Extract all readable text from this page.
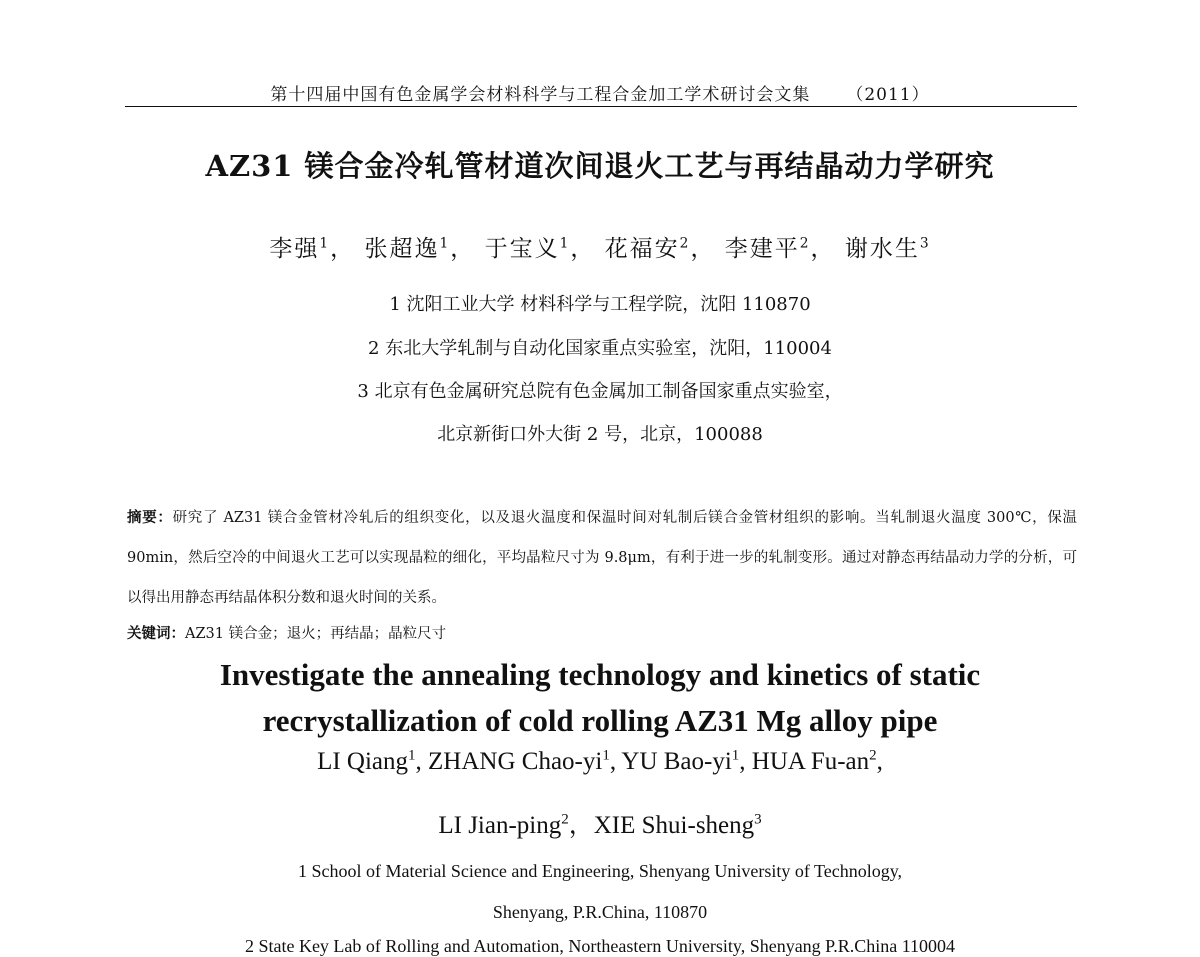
第十四届中国有色金属学会材料科学与工程合金加工学术研讨会文集 （2011）
AZ31 镁合金冷轧管材道次间退火工艺与再结晶动力学研究
李强$^1$， 张超逸$^1$， 于宝义$^1$， 花福安$^2$， 李建平$^2$， 谢水生$^3$
1 沈阳工业大学 材料科学与工程学院，沈阳 110870
2 东北大学轧制与自动化国家重点实验室，沈阳，110004
3 北京有色金属研究总院有色金属加工制备国家重点实验室，
北京新街口外大街 2 号，北京，100088
摘要：研究了 AZ31 镁合金管材冷轧后的组织变化，以及退火温度和保温时间对轧制后镁合金管材组织的影响。当轧制退火温度 300℃，保温 90min，然后空冷的中间退火工艺可以实现晶粒的细化，平均晶粒尺寸为 9.8μm，有利于进一步的轧制变形。通过对静态再结晶动力学的分析，可以得出用静态再结晶体积分数和退火时间的关系。
关键词：AZ31 镁合金；退火；再结晶；晶粒尺寸
Investigate the annealing technology and kinetics of static
recrystallization of cold rolling AZ31 Mg alloy pipe
LI Qiang$^1$, ZHANG Chao-$yi^1$, YU Bao-$yi^1$, HUA $Fu-an^2$,
LI Jian-ping$^2$，XIE Shui-sheng$^3$
1 School of Material Science and Engineering, Shenyang University of Technology,
Shenyang, P.R.China, 110870
2 State Key Lab of Rolling and Automation, Northeastern University, Shenyang P.R.China 110004
